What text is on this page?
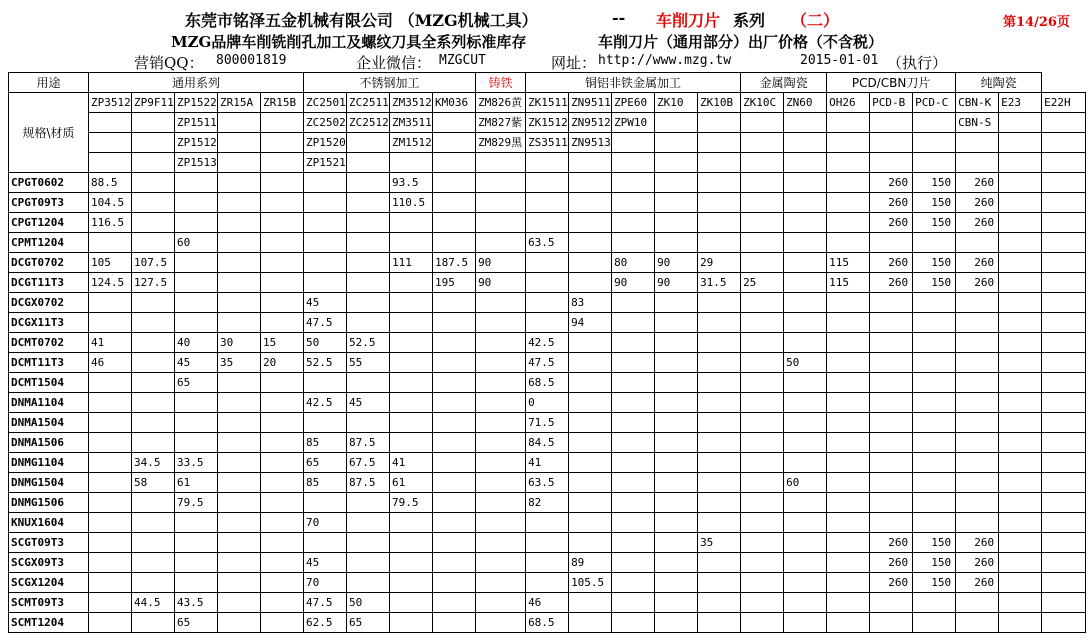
东莞市铭泽五金机械有限公司 （MZG机械工具）	-- 车削刀片 系列 （二）	第14/26页
MZG品牌车削铣削孔加工及螺纹刀具全系列标准库存	车削刀片（通用部分）出厂价格（不含税）
营销QQ： 800001819	企业微信： MZGCUT	网址： http://www.mzg.tw	2015-01-01 （执行）
用途	通用系列					不锈钢加工				铸铁	铜铝非铁金属加工					金属陶瓷		PCD/CBN刀片			纯陶瓷		
规格\材质	ZP3512	ZP9F11	ZP1522	ZR15A	ZR15B	ZC2501	ZC2511	ZM3512	KM036	ZM826黄	ZK1511	ZN9511	ZPE60	ZK10	ZK10B	ZK10C	ZN60	OH26	PCD-B	PCD-C	CBN-K	E23	E22H
			ZP1511			ZC2502	ZC2512	ZM3511		ZM827紫	ZK1512	ZN9512	ZPW10								CBN-S		
			ZP1512			ZP1520		ZM1512		ZM829黑	ZS3511	ZN9513											
			ZP1513			ZP1521																	
CPGT0602	88.5							93.5											260	150	260		
CPGT09T3	104.5							110.5											260	150	260		
CPGT1204	116.5																		260	150	260		
CPMT1204			60								63.5												
DCGT0702	105	107.5						111	187.5	90			80	90	29			115	260	150	260		
DCGT11T3	124.5	127.5							195	90			90	90	31.5	25		115	260	150	260		
DCGX0702						45						83											
DCGX11T3						47.5						94											
DCMT0702	41		40	30	15	50	52.5				42.5												
DCMT11T3	46		45	35	20	52.5	55				47.5						50						
DCMT1504			65								68.5												
DNMA1104						42.5	45				0												
DNMA1504											71.5												
DNMA1506						85	87.5				84.5												
DNMG1104		34.5	33.5			65	67.5	41			41												
DNMG1504		58	61			85	87.5	61			63.5						60						
DNMG1506			79.5					79.5			82												
KNUX1604						70																	
SCGT09T3															35				260	150	260		
SCGX09T3						45						89							260	150	260		
SCGX1204						70						105.5							260	150	260		
SCMT09T3		44.5	43.5			47.5	50				46												
SCMT1204			65			62.5	65				68.5												
